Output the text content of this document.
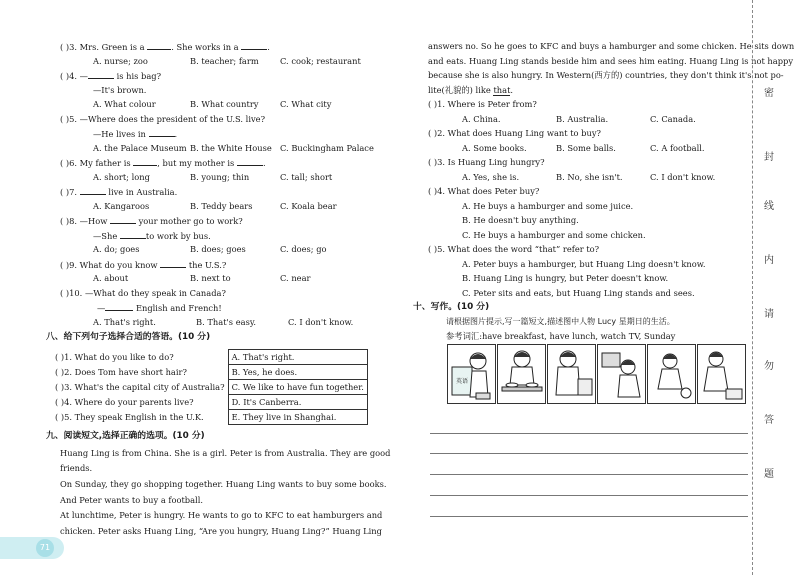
( )3. Mrs. Green is a	. She works in a	.
A. nurse; zoo	B. teacher; farm	C. cook; restaurant
( )4. —	is his bag?
—It's brown.
A. What colour	B. What country	C. What city
( )5. —Where does the president of the U.S. live?
—He lives in	.
A. the Palace Museum B. the White House C. Buckingham Palace
( )6. My father is	, but my mother is	.
A. short; long	B. young; thin	C. tall; short
( )7.	live in Australia.
A. Kangaroos	B. Teddy bears	C. Koala bear
( )8. —How	your mother go to work?
—She	to work by bus.
A. do; goes	B. does; goes	C. does; go
( )9. What do you know	the U.S.?
A. about	B. next to	C. near
( )10. —What do they speak in Canada?
—	English and French!
A. That's right.	B. That's easy.	C. I don't know.
八、给下列句子选择合适的答语。(10 分)
( )1. What do you like to do?	A. That's right.
( )2. Does Tom have short hair?	B. Yes, he does.
( )3. What's the capital city of Australia?	C. We like to have fun together.
( )4. Where do your parents live?	D. It's Canberra.
( )5. They speak English in the U.K.	E. They live in Shanghai.
九、阅读短文,选择正确的选项。(10 分)
Huang Ling is from China. She is a girl. Peter is from Australia. They are good
friends.
On Sunday, they go shopping together. Huang Ling wants to buy some books.
And Peter wants to buy a football.
At lunchtime, Peter is hungry. He wants to go to KFC to eat hamburgers and
chicken. Peter asks Huang Ling, “Are you hungry, Huang Ling?” Huang Ling
71
answers no. So he goes to KFC and buys a hamburger and some chicken. He sits down
and eats. Huang Ling stands beside him and sees him eating. Huang Ling is not happy
because she is also hungry. In Western(西方的) countries, they don't think it's not po-
lite(礼貌的) like that.
( )1. Where is Peter from?
A. China.	B. Australia.	C. Canada.
( )2. What does Huang Ling want to buy?
A. Some books.	B. Some balls.	C. A football.
( )3. Is Huang Ling hungry?
A. Yes, she is.	B. No, she isn't.	C. I don't know.
( )4. What does Peter buy?
A. He buys a hamburger and some juice.
B. He doesn't buy anything.
C. He buys a hamburger and some chicken.
( )5. What does the word “that” refer to?
A. Peter buys a hamburger, but Huang Ling doesn't know.
B. Huang Ling is hungry, but Peter doesn't know.
C. Peter sits and eats, but Huang Ling stands and sees.
十、写作。(10 分)
请根据图片提示,写一篇短文,描述图中人物 Lucy 星期日的生活。
参考词汇:have breakfast, have lunch, watch TV, Sunday
英语
密
封
线
内
请
勿
答
题
